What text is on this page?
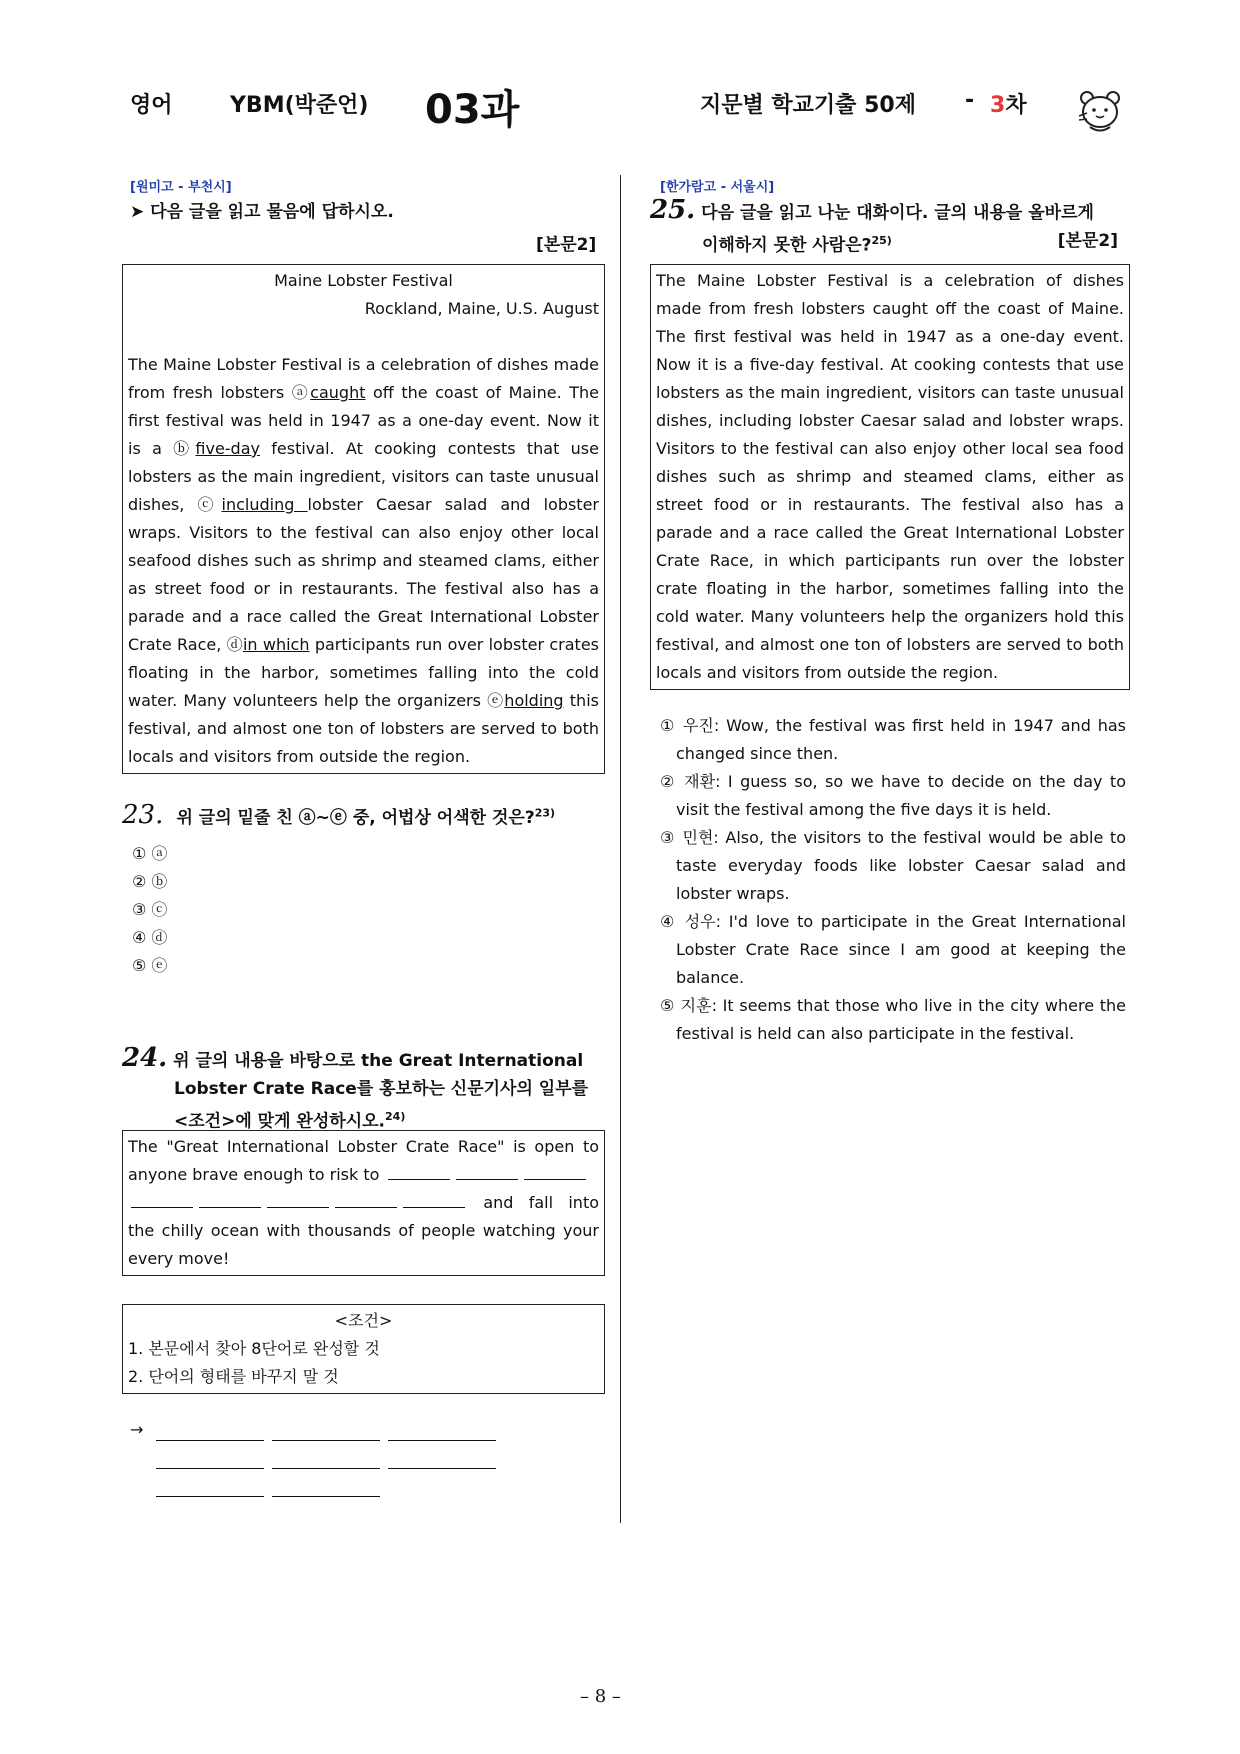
영어	YBM(박준언) 03과	지문별 학교기출 50제 - 3차
[원미고 - 부천시]
➤ 다음 글을 읽고 물음에 답하시오.
[본문2]

Maine Lobster Festival

Rockland, Maine, U.S. August

The Maine Lobster Festival is a celebration of dishes made from fresh lobsters ⓐcaught off the coast of Maine. The first festival was held in 1947 as a one-day event. Now it is a ⓑfive-day festival. At cooking contests that use lobsters as the main ingredient, visitors can taste unusual dishes, ⓒincluding lobster Caesar salad and lobster wraps. Visitors to the festival can also enjoy other local seafood dishes such as shrimp and steamed clams, either as street food or in restaurants. The festival also has a parade and a race called the Great International Lobster Crate Race, ⓓin which participants run over lobster crates floating in the harbor, sometimes falling into the cold water. Many volunteers help the organizers ⓔholding this festival, and almost one ton of lobsters are served to both locals and visitors from outside the region.

23. 위 글의 밑줄 친 ⓐ~ⓔ 중, 어법상 어색한 것은?$^{23)}$
① ⓐ
② ⓑ
③ ⓒ
④ ⓓ
⑤ ⓔ
24. 위 글의 내용을 바탕으로 the Great International
Lobster Crate Race를 홍보하는 신문기사의 일부를
<조건>에 맞게 완성하시오.$^{24)}$

The "Great International Lobster Crate Race" is open to anyone brave enough to risk to

and fall into the chilly ocean with thousands of people watching your every move!

<조건>

1. 본문에서 찾아 8단어로 완성할 것

2. 단어의 형태를 바꾸지 말 것

→
[한가람고 - 서울시]
25. 다음 글을 읽고 나눈 대화이다. 글의 내용을 올바르게
이해하지 못한 사람은?$^{25)}$	[본문2]

The Maine Lobster Festival is a celebration of dishes made from fresh lobsters caught off the coast of Maine. The first festival was held in 1947 as a one-day event. Now it is a five-day festival. At cooking contests that use lobsters as the main ingredient, visitors can taste unusual dishes, including lobster Caesar salad and lobster wraps. Visitors to the festival can also enjoy other local sea food dishes such as shrimp and steamed clams, either as street food or in restaurants. The festival also has a parade and a race called the Great International Lobster Crate Race, in which participants run over the lobster crate floating in the harbor, sometimes falling into the cold water. Many volunteers help the organizers hold this festival, and almost one ton of lobsters are served to both locals and visitors from outside the region.

① 우진: Wow, the festival was first held in 1947 and has changed since then.
② 재환: I guess so, so we have to decide on the day to visit the festival among the five days it is held.
③ 민현: Also, the visitors to the festival would be able to taste everyday foods like lobster Caesar salad and lobster wraps.
④ 성우: I'd love to participate in the Great International Lobster Crate Race since I am good at keeping the balance.
⑤ 지훈: It seems that those who live in the city where the festival is held can also participate in the festival.
– 8 –
